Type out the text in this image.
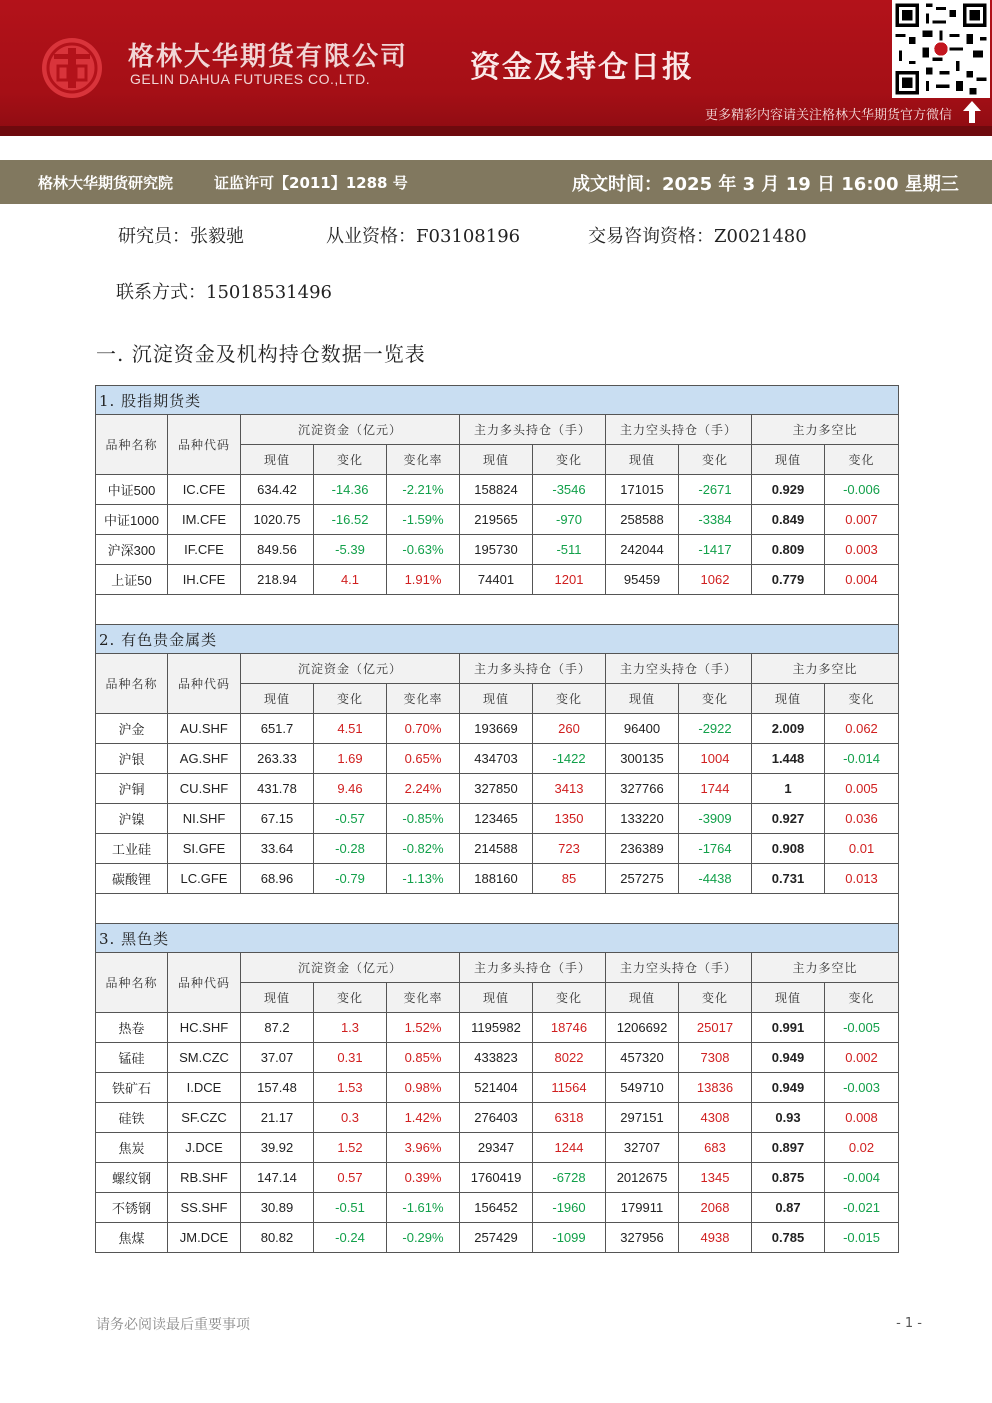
格林大华期货有限公司
GELIN DAHUA FUTURES CO.,LTD.	资金及持仓日报
更多精彩内容请关注格林大华期货官方微信
格林大华期货研究院	证监许可【2011】1288 号	成文时间：2025 年 3 月 19 日 16:00 星期三
研究员：张毅驰	从业资格：F03108196	交易咨询资格：Z0021480
联系方式：15018531496
一. 沉淀资金及机构持仓数据一览表
1. 股指期货类										
品种名称	品种代码	沉淀资金（亿元）			主力多头持仓（手）		主力空头持仓（手）		主力多空比	
		现值	变化	变化率	现值	变化	现值	变化	现值	变化
中证500	IC.CFE	634.42	-14.36	-2.21%	158824	-3546	171015	-2671	0.929	-0.006
中证1000	IM.CFE	1020.75	-16.52	-1.59%	219565	-970	258588	-3384	0.849	0.007
沪深300	IF.CFE	849.56	-5.39	-0.63%	195730	-511	242044	-1417	0.809	0.003
上证50	IH.CFE	218.94	4.1	1.91%	74401	1201	95459	1062	0.779	0.004

2. 有色贵金属类										
品种名称	品种代码	沉淀资金（亿元）			主力多头持仓（手）		主力空头持仓（手）		主力多空比	
		现值	变化	变化率	现值	变化	现值	变化	现值	变化
沪金	AU.SHF	651.7	4.51	0.70%	193669	260	96400	-2922	2.009	0.062
沪银	AG.SHF	263.33	1.69	0.65%	434703	-1422	300135	1004	1.448	-0.014
沪铜	CU.SHF	431.78	9.46	2.24%	327850	3413	327766	1744	1	0.005
沪镍	NI.SHF	67.15	-0.57	-0.85%	123465	1350	133220	-3909	0.927	0.036
工业硅	SI.GFE	33.64	-0.28	-0.82%	214588	723	236389	-1764	0.908	0.01
碳酸锂	LC.GFE	68.96	-0.79	-1.13%	188160	85	257275	-4438	0.731	0.013

3. 黑色类										
品种名称	品种代码	沉淀资金（亿元）			主力多头持仓（手）		主力空头持仓（手）		主力多空比	
		现值	变化	变化率	现值	变化	现值	变化	现值	变化
热卷	HC.SHF	87.2	1.3	1.52%	1195982	18746	1206692	25017	0.991	-0.005
锰硅	SM.CZC	37.07	0.31	0.85%	433823	8022	457320	7308	0.949	0.002
铁矿石	I.DCE	157.48	1.53	0.98%	521404	11564	549710	13836	0.949	-0.003
硅铁	SF.CZC	21.17	0.3	1.42%	276403	6318	297151	4308	0.93	0.008
焦炭	J.DCE	39.92	1.52	3.96%	29347	1244	32707	683	0.897	0.02
螺纹钢	RB.SHF	147.14	0.57	0.39%	1760419	-6728	2012675	1345	0.875	-0.004
不锈钢	SS.SHF	30.89	-0.51	-1.61%	156452	-1960	179911	2068	0.87	-0.021
焦煤	JM.DCE	80.82	-0.24	-0.29%	257429	-1099	327956	4938	0.785	-0.015
请务必阅读最后重要事项	- 1 -
